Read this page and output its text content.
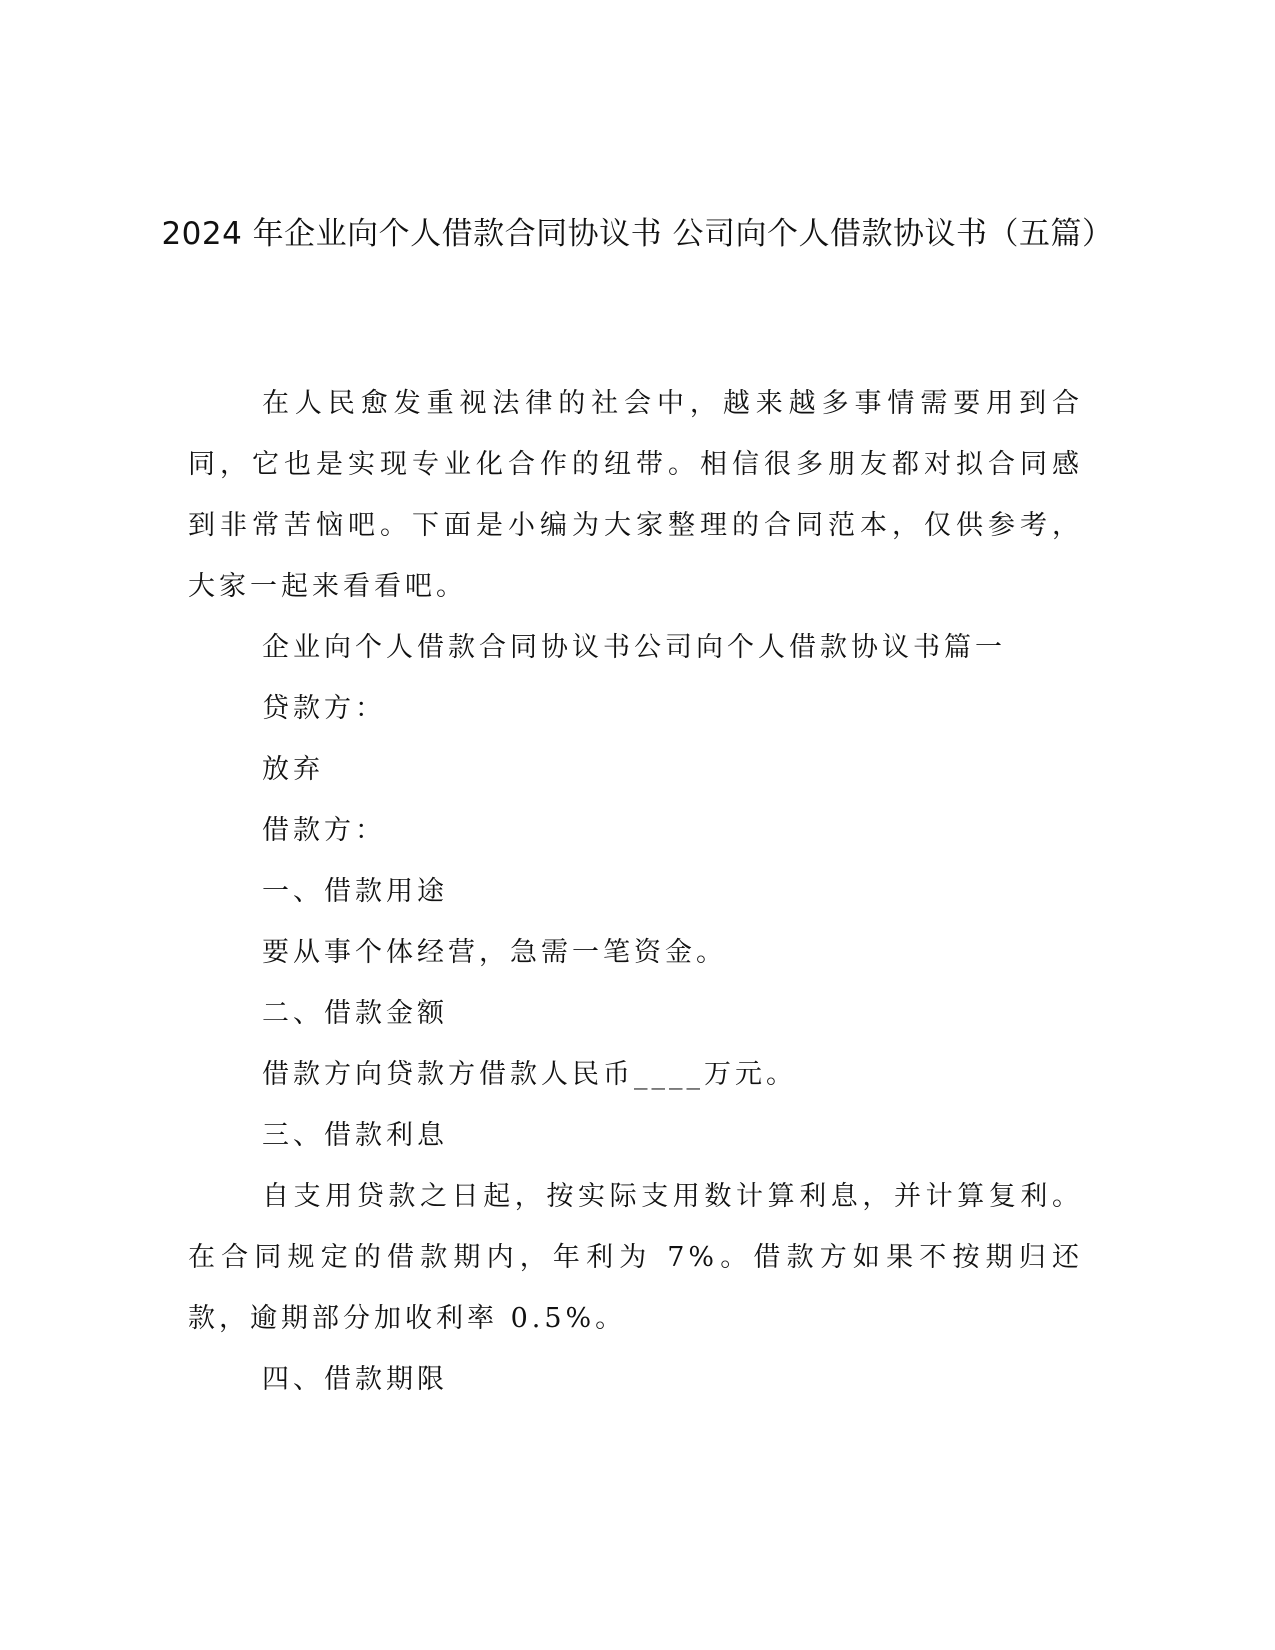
2024 年企业向个人借款合同协议书 公司向个人借款协议书（五篇）

在人民愈发重视法律的社会中，越来越多事情需要用到合同，它也是实现专业化合作的纽带。相信很多朋友都对拟合同感到非常苦恼吧。下面是小编为大家整理的合同范本，仅供参考，大家一起来看看吧。

企业向个人借款合同协议书公司向个人借款协议书篇一

贷款方：

放弃

借款方：

一、借款用途

要从事个体经营，急需一笔资金。

二、借款金额

借款方向贷款方借款人民币____万元。

三、借款利息

自支用贷款之日起，按实际支用数计算利息，并计算复利。在合同规定的借款期内，年利为 7%。借款方如果不按期归还款，逾期部分加收利率 0.5%。

四、借款期限
